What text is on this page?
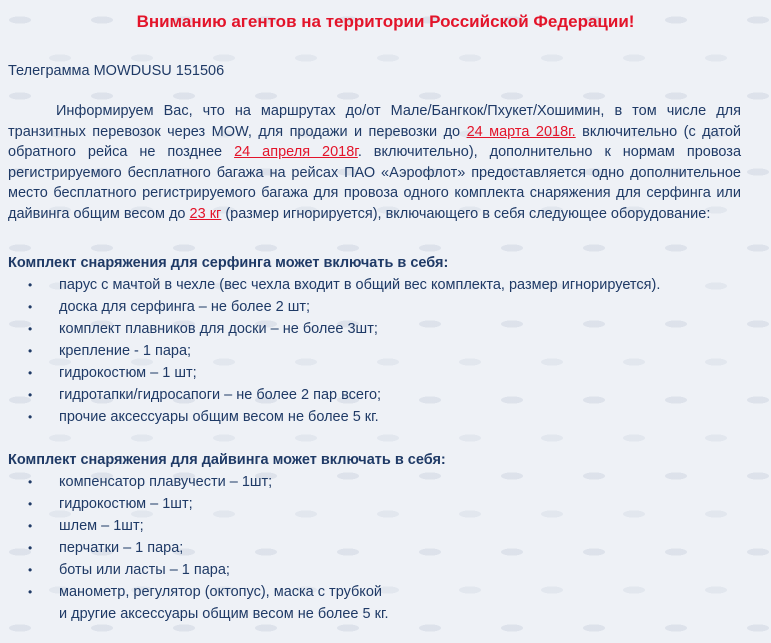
Вниманию агентов на территории Российской Федерации!
Телеграмма MOWDUSU 151506

Информируем Вас, что на маршрутах до/от Мале/Бангкок/Пхукет/Хошимин, в том числе для транзитных перевозок через MOW, для продажи и перевозки до 24 марта 2018г. включительно (с датой обратного рейса не позднее 24 апреля 2018г. включительно), дополнительно к нормам провоза регистрируемого бесплатного багажа на рейсах ПАО «Аэрофлот» предоставляется одно дополнительное место бесплатного регистрируемого багажа для провоза одного комплекта снаряжения для серфинга или дайвинга общим весом до 23 кг (размер игнорируется), включающего в себя следующее оборудование:

Комплект снаряжения для серфинга может включать в себя:
• парус с мачтой в чехле (вес чехла входит в общий вес комплекта, размер игнорируется).
• доска для серфинга – не более 2 шт;
• комплект плавников для доски – не более 3шт;
• крепление - 1 пара;
• гидрокостюм – 1 шт;
• гидротапки/гидросапоги – не более 2 пар всего;
• прочие аксессуары общим весом не более 5 кг.
Комплект снаряжения для дайвинга может включать в себя:
• компенсатор плавучести – 1шт;
• гидрокостюм – 1шт;
• шлем – 1шт;
• перчатки – 1 пара;
• боты или ласты – 1 пара;
• манометр, регулятор (октопус), маска с трубкой
и другие аксессуары общим весом не более 5 кг.
